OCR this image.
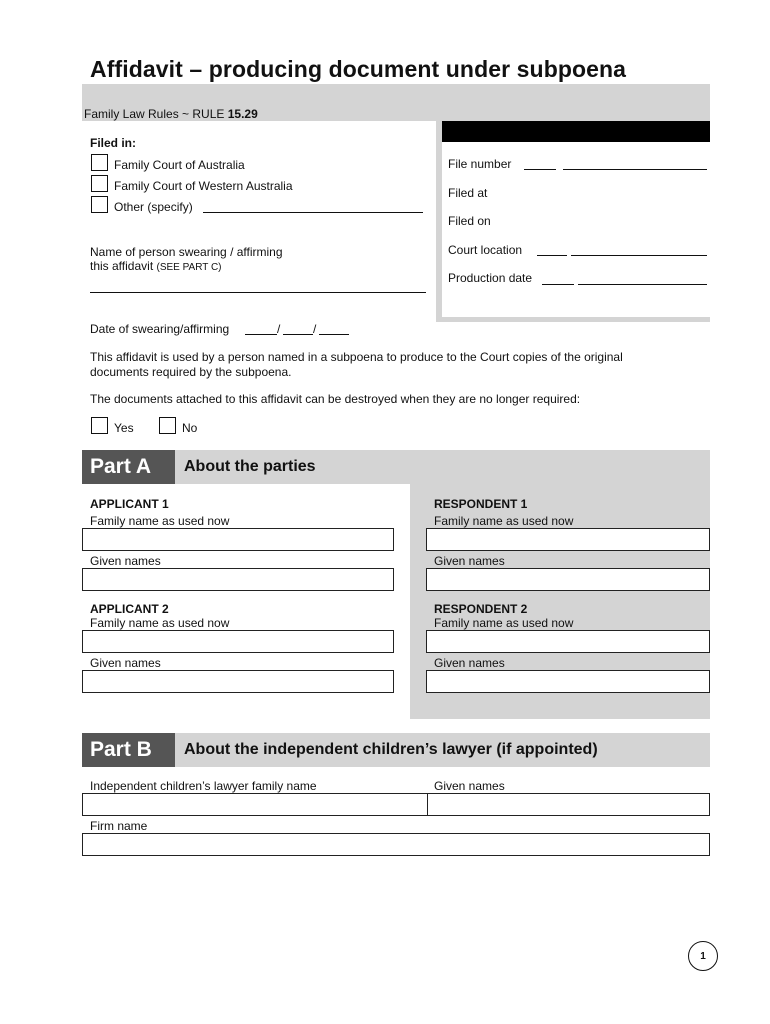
Affidavit – producing document under subpoena
Family Law Rules ~ RULE 15.29
File number
Filed at
Filed on
Court location
Production date
Filed in:
Family Court of Australia
Family Court of Western Australia
Other (specify)
Name of person swearing / affirming
this affidavit (SEE PART C)
Date of swearing/affirming	/	/
This affidavit is used by a person named in a subpoena to produce to the Court copies of the original
documents required by the subpoena.
The documents attached to this affidavit can be destroyed when they are no longer required:
Yes	No
Part A	About the parties
APPLICANT 1
Family name as used now
Given names
RESPONDENT 1
Family name as used now
Given names
APPLICANT 2
Family name as used now
Given names
RESPONDENT 2
Family name as used now
Given names
Part B	About the independent children’s lawyer (if appointed)
Independent children’s lawyer family name	Given names
Firm name
1
